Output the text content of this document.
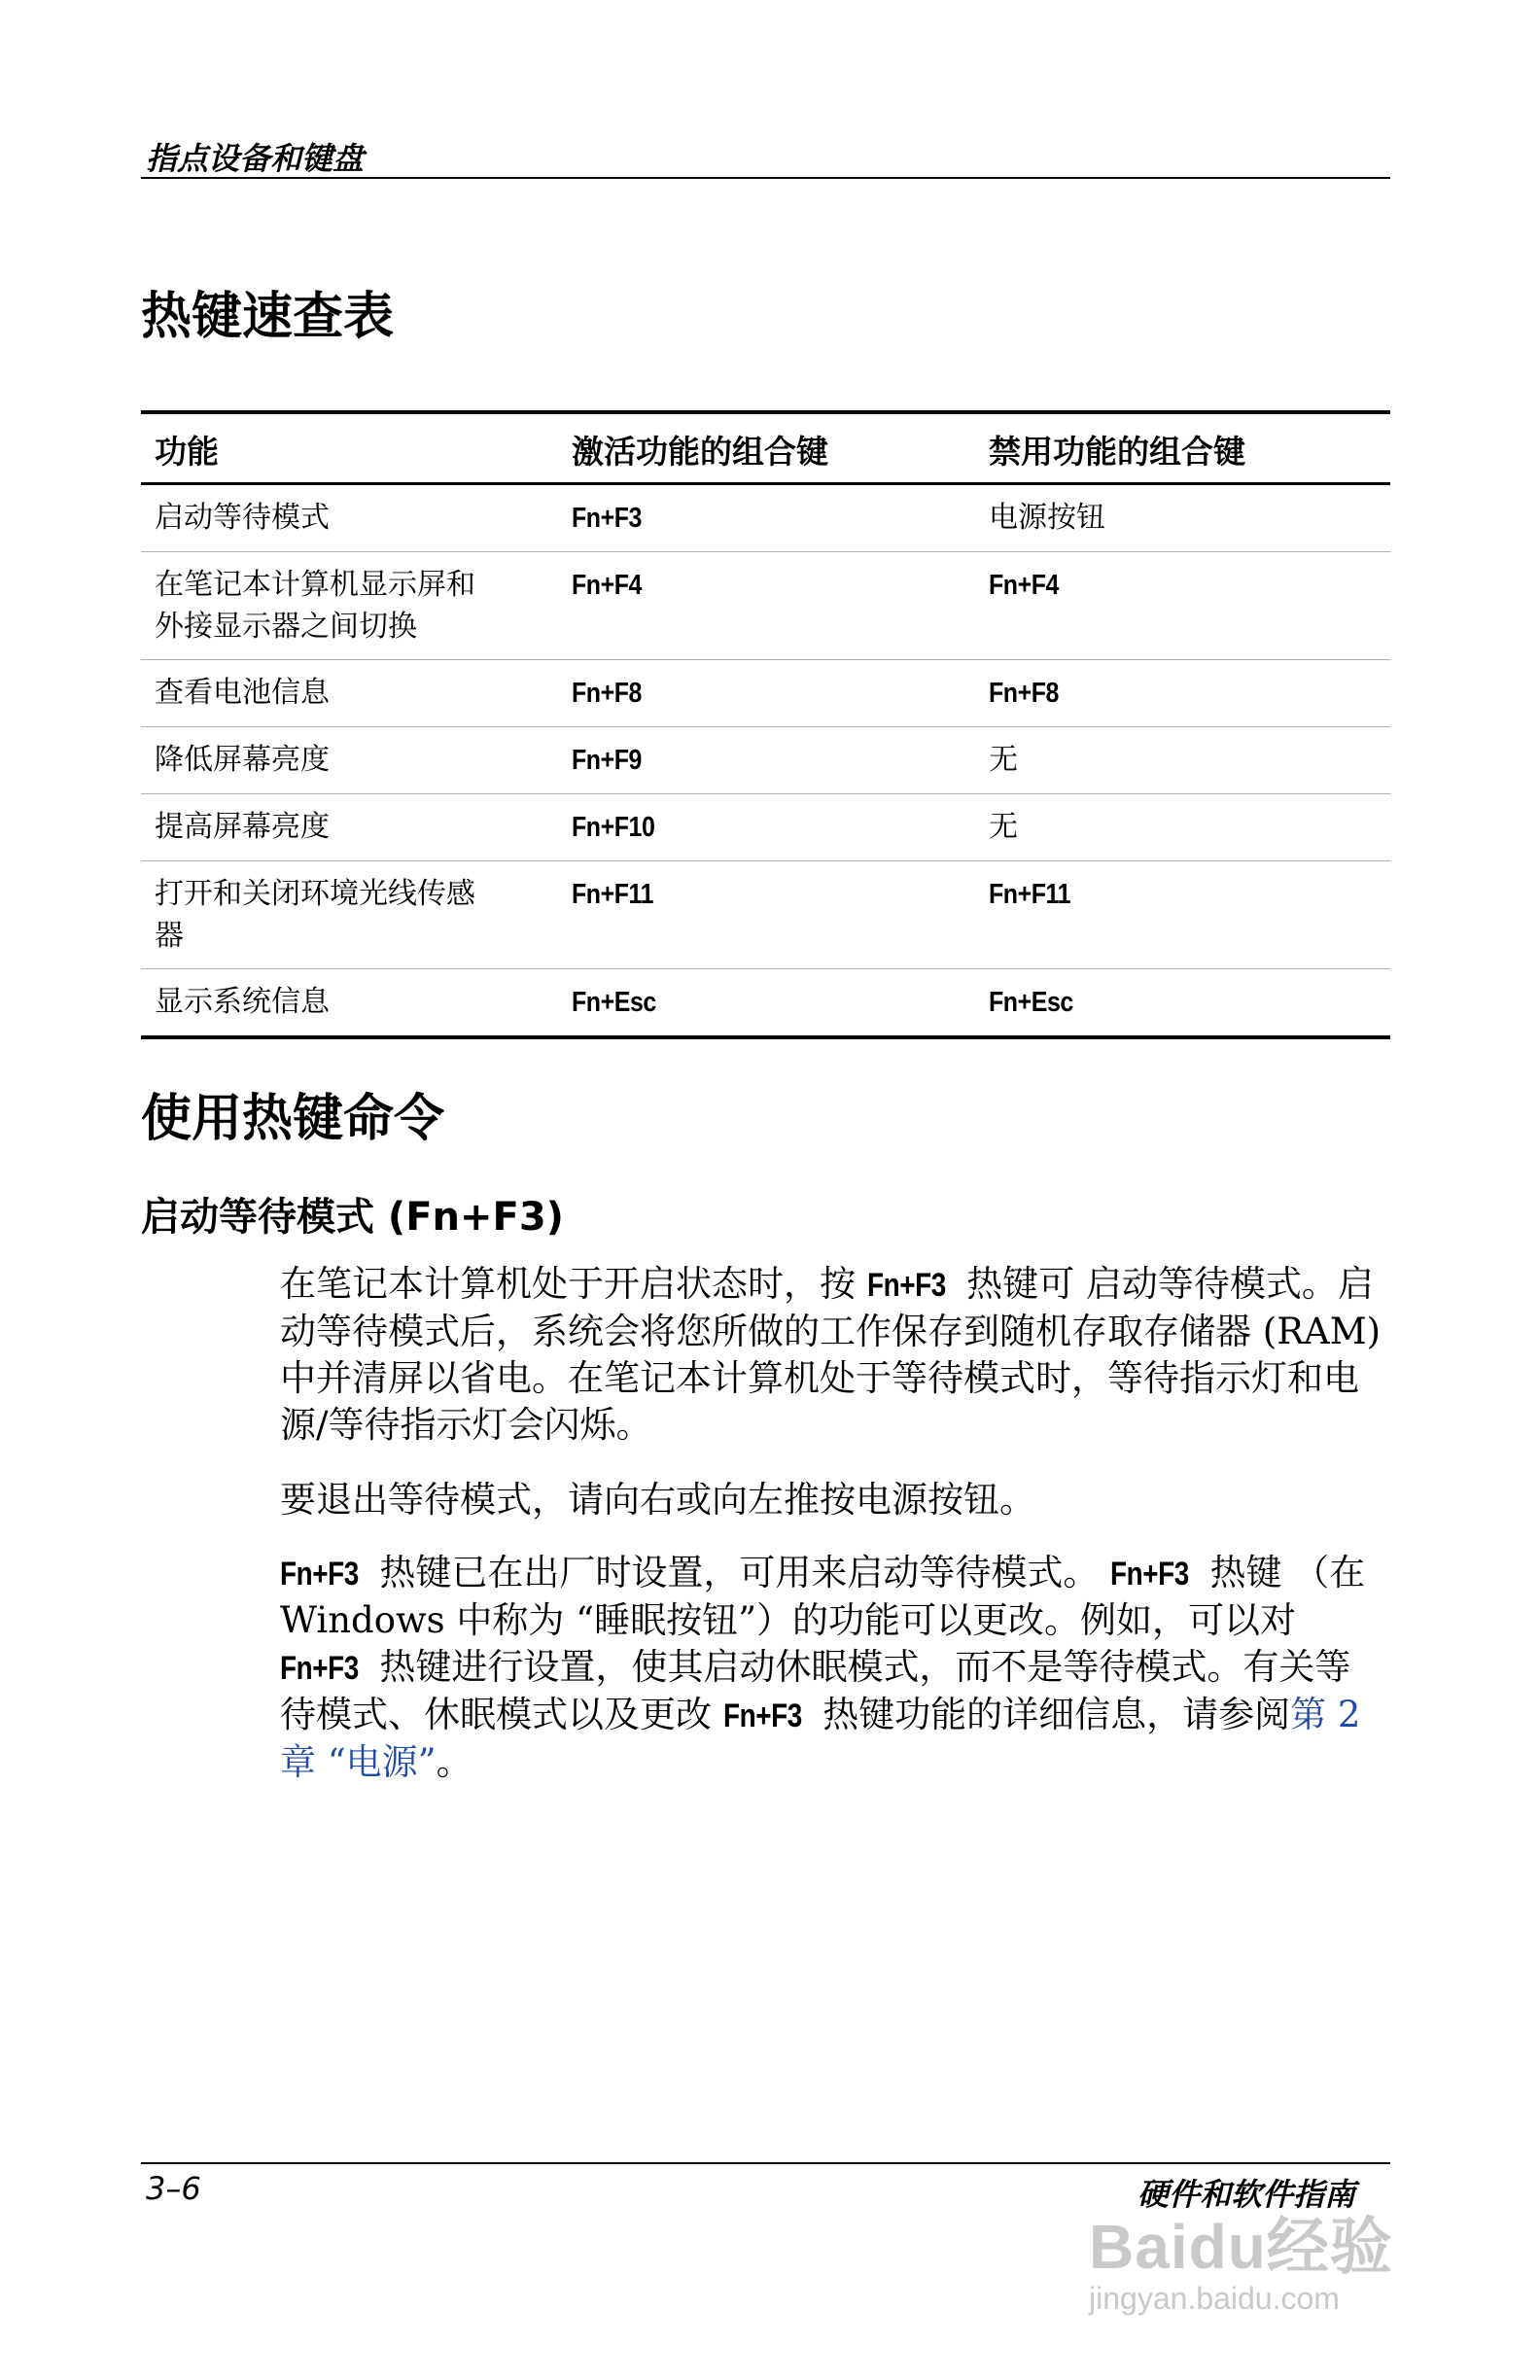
指点设备和键盘
热键速查表
功能	激活功能的组合键	禁用功能的组合键
启动等待模式	Fn+F3	电源按钮
在笔记本计算机显示屏和外接显示器之间切换	Fn+F4	Fn+F4
查看电池信息	Fn+F8	Fn+F8
降低屏幕亮度	Fn+F9	无
提高屏幕亮度	Fn+F10	无
打开和关闭环境光线传感器	Fn+F11	Fn+F11
显示系统信息	Fn+Esc	Fn+Esc
使用热键命令
启动等待模式 (Fn+F3)

在笔记本计算机处于开启状态时，按 Fn+F3 热键可 启动等待模式。启动等待模式后，系统会将您所做的工作保存到随机存取存储器 (RAM) 中并清屏以省电。在笔记本计算机处于等待模式时，等待指示灯和电源/等待指示灯会闪烁。

要退出等待模式，请向右或向左推按电源按钮。

Fn+F3 热键已在出厂时设置，可用来启动等待模式。 Fn+F3 热键 （在 Windows 中称为 “睡眠按钮”）的功能可以更改。例如，可以对 Fn+F3 热键进行设置，使其启动休眠模式，而不是等待模式。有关等待模式、休眠模式以及更改 Fn+F3 热键功能的详细信息，请参阅第 2 章 “电源”。

3–6	硬件和软件指南
Baidu经验
jingyan.baidu.com
